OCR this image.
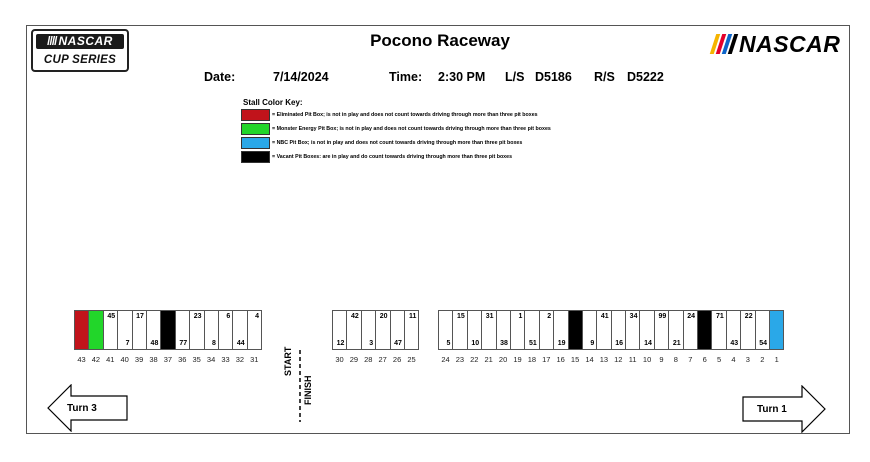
//// NASCAR
CUP SERIES
Pocono Raceway	NASCAR
Date:	7/14/2024	Time: 2:30 PM L/S D5186 R/S D5222
Stall Color Key:
= Eliminated Pit Box; is not in play and does not count towards driving through more than three pit boxes
= Monster Energy Pit Box; is not in play and does not count towards driving through more than three pit boxes
= NBC Pit Box; is not in play and does not count towards driving through more than three pit boxes
= Vacant Pit Boxes: are in play and do count towards driving through more than three pit boxes
45
7
17
48	77
23
8
6
44
4
12
42
3
20
47
11
5
15
10
31
38
1
51
2
19	9
41
16
34
14
99
21
24	71
43
22
54
43 42 41 40 39 38 37 36 35 34 33 32 31	30 29 28 27 26 25	24 23 22 21 20 19 18 17 16 15 14 13 12 11 10	9	8	7	6	5	4	3	2	1
START
FINISH
Turn 3	Turn 1
